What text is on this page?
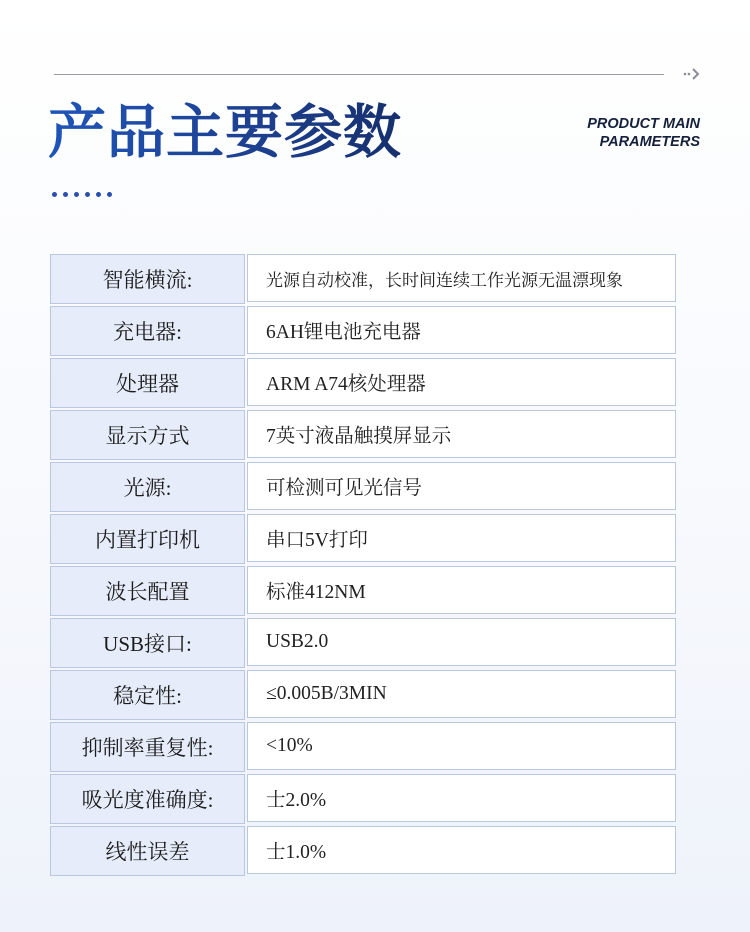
产品主要参数	PRODUCT MAIN
PARAMETERS
智能横流:	光源自动校准，长时间连续工作光源无温漂现象
充电器:	6AH锂电池充电器
处理器	ARM A74核处理器
显示方式	7英寸液晶触摸屏显示
光源:	可检测可见光信号
内置打印机	串口5V打印
波长配置	标准412NM
USB接口:	USB2.0
稳定性:	≤0.005B/3MIN
抑制率重复性:	<10%
吸光度准确度:	士2.0%
线性误差	士1.0%
